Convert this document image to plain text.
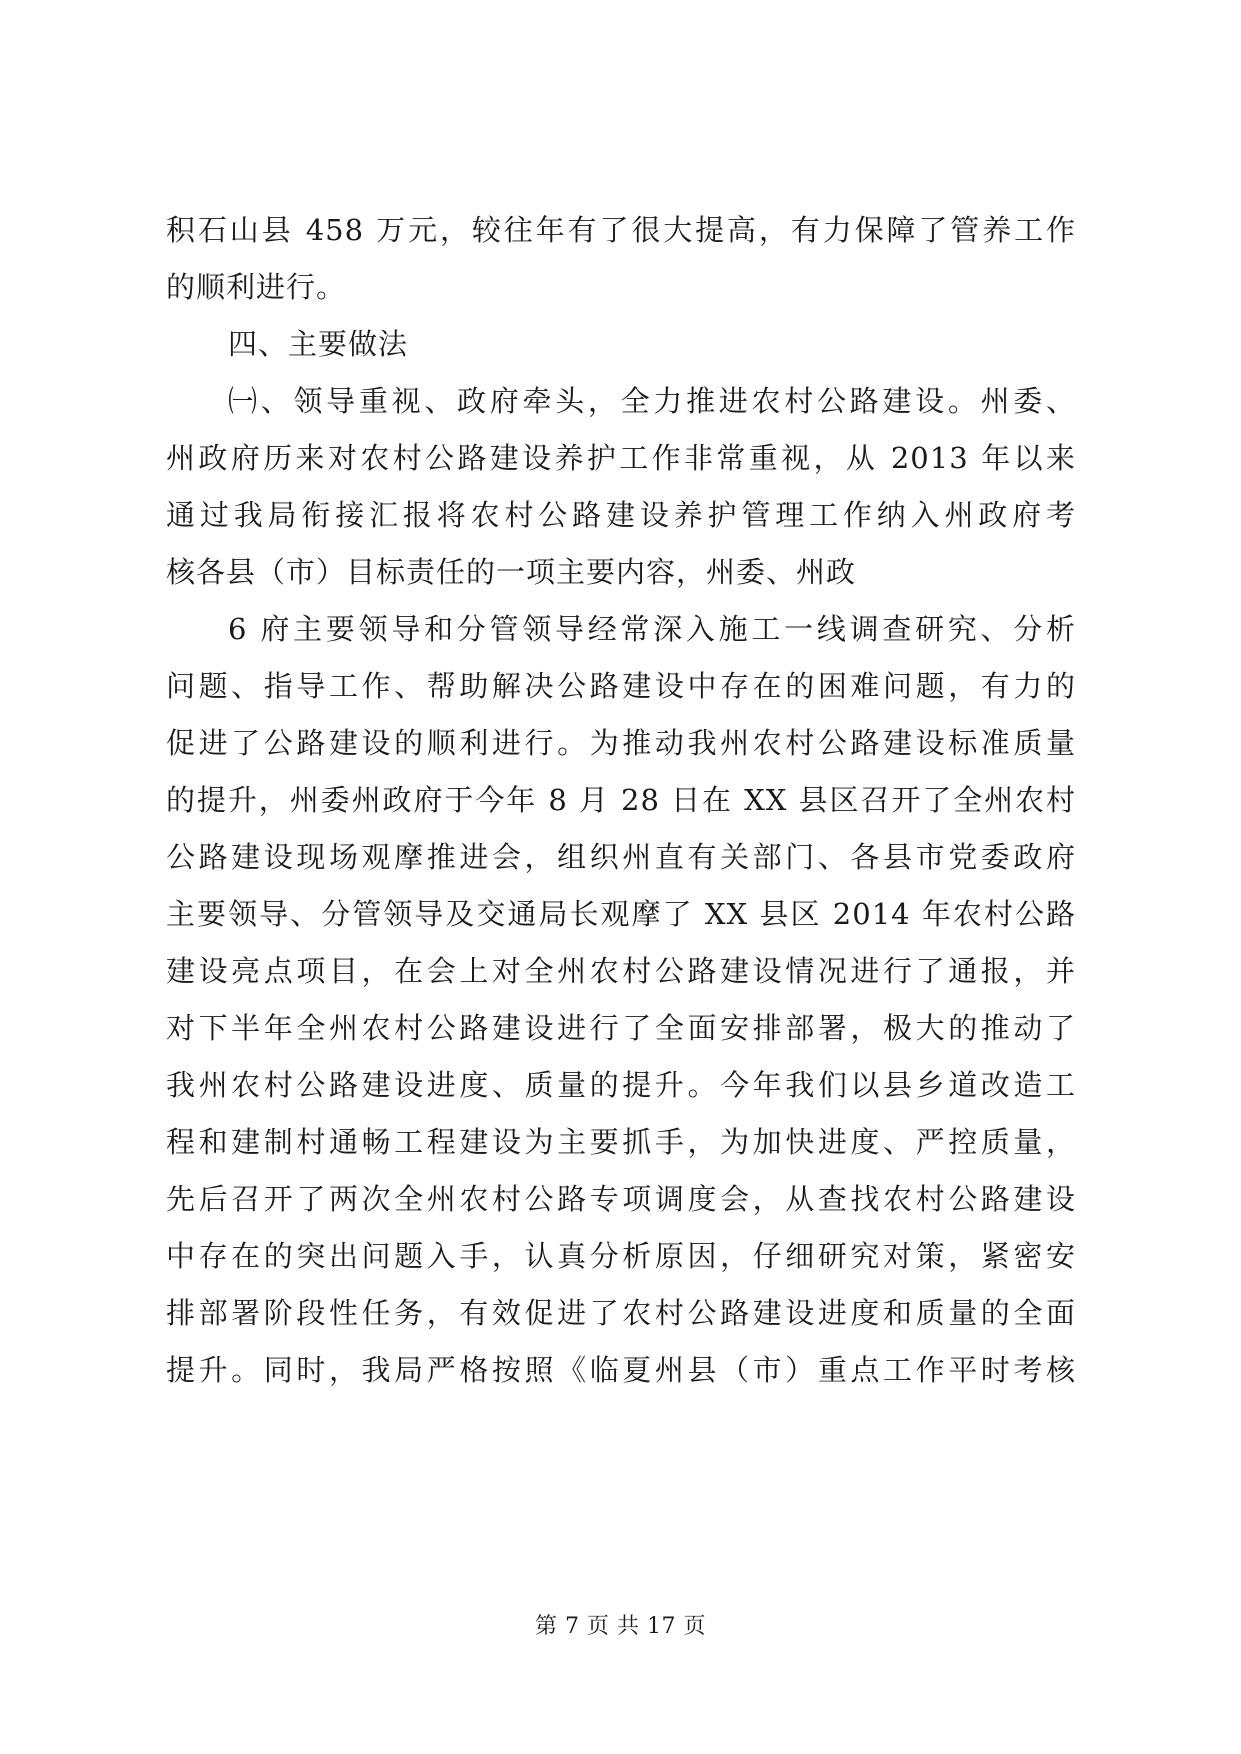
积石山县 458 万元，较往年有了很大提高，有力保障了管养工作
的顺利进行。
四、主要做法
㈠、领导重视、政府牵头，全力推进农村公路建设。州委、
州政府历来对农村公路建设养护工作非常重视，从 2013 年以来
通过我局衔接汇报将农村公路建设养护管理工作纳入州政府考
核各县（市）目标责任的一项主要内容，州委、州政
6 府主要领导和分管领导经常深入施工一线调查研究、分析
问题、指导工作、帮助解决公路建设中存在的困难问题，有力的
促进了公路建设的顺利进行。为推动我州农村公路建设标准质量
的提升，州委州政府于今年 8 月 28 日在 XX 县区召开了全州农村
公路建设现场观摩推进会，组织州直有关部门、各县市党委政府
主要领导、分管领导及交通局长观摩了 XX 县区 2014 年农村公路
建设亮点项目，在会上对全州农村公路建设情况进行了通报，并
对下半年全州农村公路建设进行了全面安排部署，极大的推动了
我州农村公路建设进度、质量的提升。今年我们以县乡道改造工
程和建制村通畅工程建设为主要抓手，为加快进度、严控质量，
先后召开了两次全州农村公路专项调度会，从查找农村公路建设
中存在的突出问题入手，认真分析原因，仔细研究对策，紧密安
排部署阶段性任务，有效促进了农村公路建设进度和质量的全面
提升。同时，我局严格按照《临夏州县（市）重点工作平时考核
第 7 页 共 17 页
